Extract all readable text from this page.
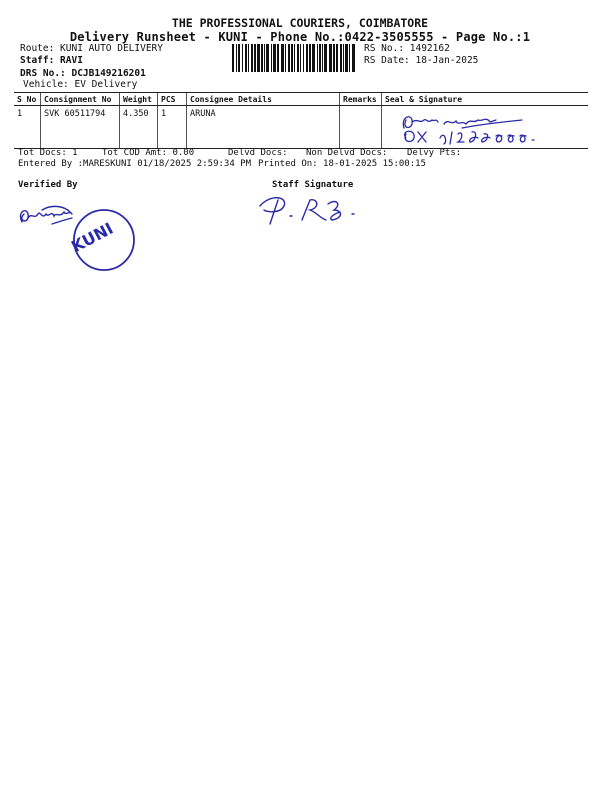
THE PROFESSIONAL COURIERS, COIMBATORE
Delivery Runsheet - KUNI - Phone No.:0422-3505555 - Page No.:1
Route: KUNI AUTO DELIVERY
Staff: RAVI
DRS No.: DCJB149216201
Vehicle: EV Delivery
RS No.: 1492162
RS Date: 18-Jan-2025
S No	Consignment No	Weight	PCS	Consignee Details	Remarks	Seal & Signature
1	SVK 60511794	4.350	1	ARUNA		
Tot Docs: 1	Tot COD Amt: 0.00	Delvd Docs: Non Delvd Docs: Delvy Pts:
Entered By :MARESKUNI 01/18/2025 2:59:34 PM Printed On: 18-01-2025 15:00:15
Verified By	Staff Signature
KUNI
